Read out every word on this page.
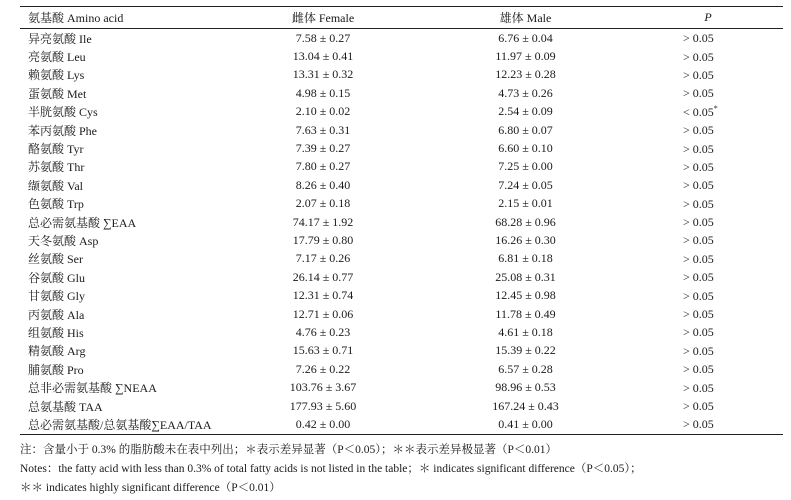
氨基酸 Amino acid	雌体 Female	雄体 Male	P
异亮氨酸 Ile	7.58 ± 0.27	6.76 ± 0.04	> 0.05
亮氨酸 Leu	13.04 ± 0.41	11.97 ± 0.09	> 0.05
赖氨酸 Lys	13.31 ± 0.32	12.23 ± 0.28	> 0.05
蛋氨酸 Met	4.98 ± 0.15	4.73 ± 0.26	> 0.05
半胱氨酸 Cys	2.10 ± 0.02	2.54 ± 0.09	< 0.05*
苯丙氨酸 Phe	7.63 ± 0.31	6.80 ± 0.07	> 0.05
酪氨酸 Tyr	7.39 ± 0.27	6.60 ± 0.10	> 0.05
苏氨酸 Thr	7.80 ± 0.27	7.25 ± 0.00	> 0.05
缬氨酸 Val	8.26 ± 0.40	7.24 ± 0.05	> 0.05
色氨酸 Trp	2.07 ± 0.18	2.15 ± 0.01	> 0.05
总必需氨基酸 ∑EAA	74.17 ± 1.92	68.28 ± 0.96	> 0.05
天冬氨酸 Asp	17.79 ± 0.80	16.26 ± 0.30	> 0.05
丝氨酸 Ser	7.17 ± 0.26	6.81 ± 0.18	> 0.05
谷氨酸 Glu	26.14 ± 0.77	25.08 ± 0.31	> 0.05
甘氨酸 Gly	12.31 ± 0.74	12.45 ± 0.98	> 0.05
丙氨酸 Ala	12.71 ± 0.06	11.78 ± 0.49	> 0.05
组氨酸 His	4.76 ± 0.23	4.61 ± 0.18	> 0.05
精氨酸 Arg	15.63 ± 0.71	15.39 ± 0.22	> 0.05
脯氨酸 Pro	7.26 ± 0.22	6.57 ± 0.28	> 0.05
总非必需氨基酸 ∑NEAA	103.76 ± 3.67	98.96 ± 0.53	> 0.05
总氨基酸 TAA	177.93 ± 5.60	167.24 ± 0.43	> 0.05
总必需氨基酸/总氨基酸∑EAA/TAA	0.42 ± 0.00	0.41 ± 0.00	> 0.05
注：含量小于 0.3% 的脂肪酸未在表中列出；＊表示差异显著（P＜0.05）；＊＊表示差异极显著（P＜0.01）
Notes：the fatty acid with less than 0.3% of total fatty acids is not listed in the table；＊ indicates significant difference（P＜0.05）；
＊＊ indicates highly significant difference（P＜0.01）
